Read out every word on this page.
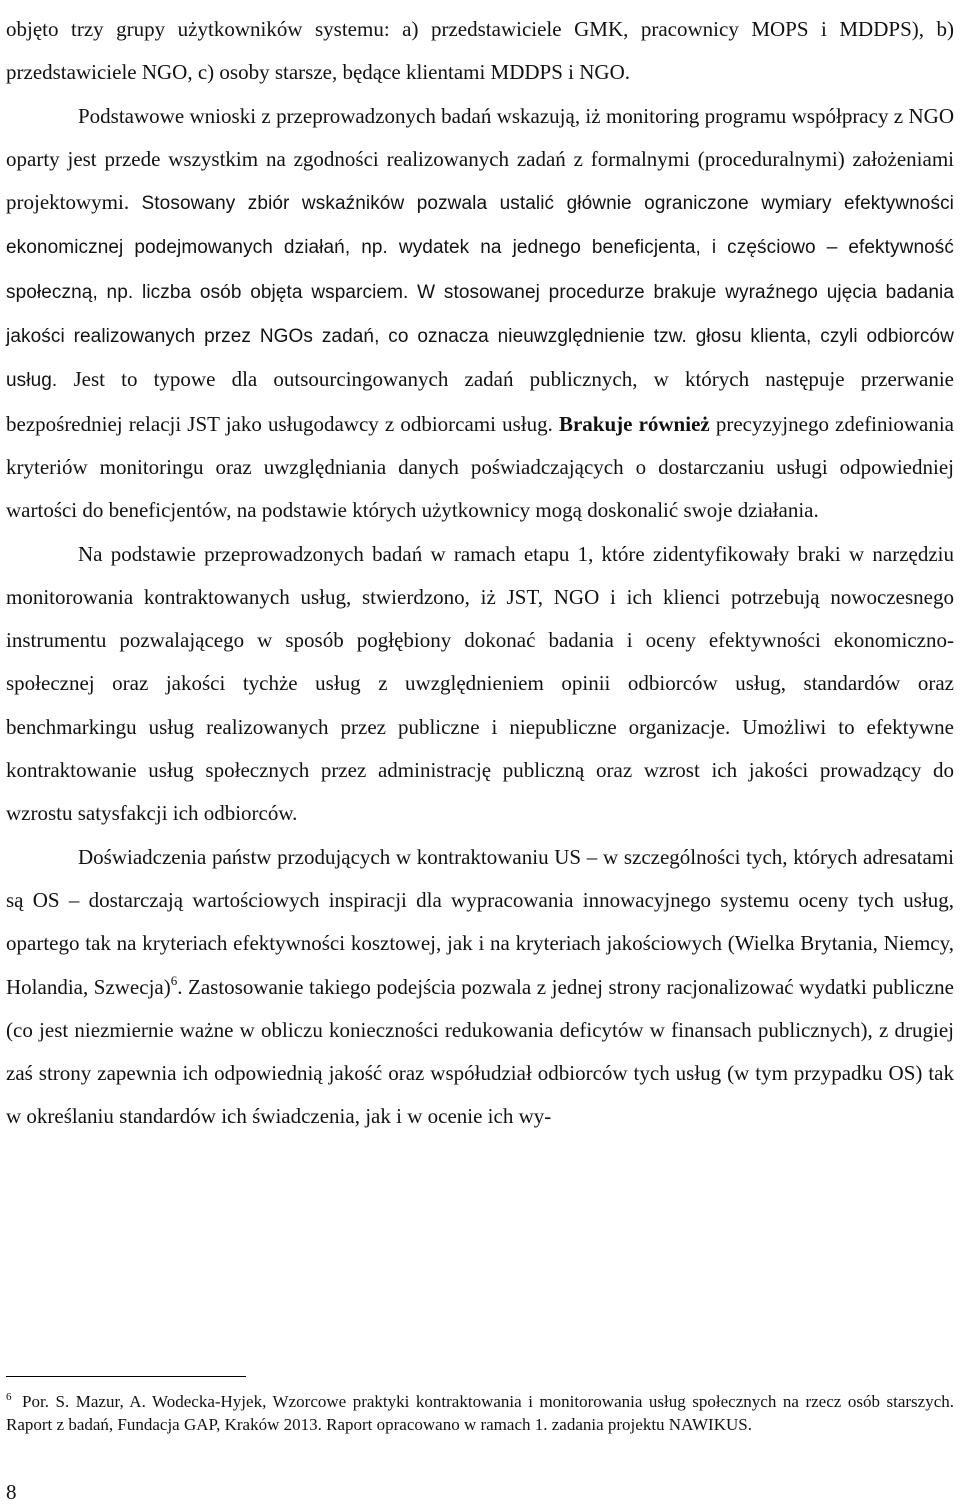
objęto trzy grupy użytkowników systemu: a) przedstawiciele GMK, pracownicy MOPS i MDDPS), b) przedstawiciele NGO, c) osoby starsze, będące klientami MDDPS i NGO.

Podstawowe wnioski z przeprowadzonych badań wskazują, iż monitoring programu współpracy z NGO oparty jest przede wszystkim na zgodności realizowanych zadań z formalnymi (proceduralnymi) założeniami projektowymi. Stosowany zbiór wskaźników pozwala ustalić głównie ograniczone wymiary efektywności ekonomicznej podejmowanych działań, np. wydatek na jednego beneficjenta, i częściowo – efektywność społeczną, np. liczba osób objęta wsparciem. W stosowanej procedurze brakuje wyraźnego ujęcia badania jakości realizowanych przez NGOs zadań, co oznacza nieuwzględnienie tzw. głosu klienta, czyli odbiorców usług. Jest to typowe dla outsourcingowanych zadań publicznych, w których następuje przerwanie bezpośredniej relacji JST jako usługodawcy z odbiorcami usług. Brakuje również precyzyjnego zdefiniowania kryteriów monitoringu oraz uwzględniania danych poświadczających o dostarczaniu usługi odpowiedniej wartości do beneficjentów, na podstawie których użytkownicy mogą doskonalić swoje działania.

Na podstawie przeprowadzonych badań w ramach etapu 1, które zidentyfikowały braki w narzędziu monitorowania kontraktowanych usług, stwierdzono, iż JST, NGO i ich klienci potrzebują nowoczesnego instrumentu pozwalającego w sposób pogłębiony dokonać badania i oceny efektywności ekonomiczno-społecznej oraz jakości tychże usług z uwzględnieniem opinii odbiorców usług, standardów oraz benchmarkingu usług realizowanych przez publiczne i niepubliczne organizacje. Umożliwi to efektywne kontraktowanie usług społecznych przez administrację publiczną oraz wzrost ich jakości prowadzący do wzrostu satysfakcji ich odbiorców.

Doświadczenia państw przodujących w kontraktowaniu US – w szczególności tych, których adresatami są OS – dostarczają wartościowych inspiracji dla wypracowania innowacyjnego systemu oceny tych usług, opartego tak na kryteriach efektywności kosztowej, jak i na kryteriach jakościowych (Wielka Brytania, Niemcy, Holandia, Szwecja)$^6$. Zastosowanie takiego podejścia pozwala z jednej strony racjonalizować wydatki publiczne (co jest niezmiernie ważne w obliczu konieczności redukowania deficytów w finansach publicznych), z drugiej zaś strony zapewnia ich odpowiednią jakość oraz współudział odbiorców tych usług (w tym przypadku OS) tak w określaniu standardów ich świadczenia, jak i w ocenie ich wy-

$^6$ Por. S. Mazur, A. Wodecka-Hyjek, Wzorcowe praktyki kontraktowania i monitorowania usług społecznych na rzecz osób starszych. Raport z badań, Fundacja GAP, Kraków 2013. Raport opracowano w ramach 1. zadania projektu NAWIKUS.
8
